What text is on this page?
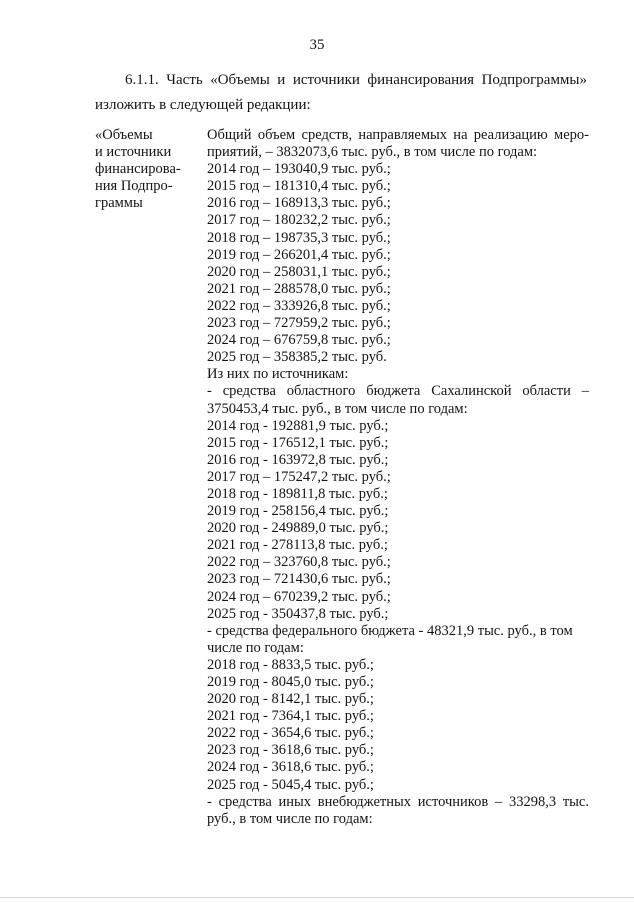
35
6.1.1. Часть «Объемы и источники финансирования Подпрограммы»
изложить в следующей редакции:
«Объемы
и источники
финансирова-
ния Подпро-
граммы
Общий объем средств, направляемых на реализацию меро-
приятий, – 3832073,6 тыс. руб., в том числе по годам:
2014 год – 193040,9 тыс. руб.;
2015 год – 181310,4 тыс. руб.;
2016 год – 168913,3 тыс. руб.;
2017 год – 180232,2 тыс. руб.;
2018 год – 198735,3 тыс. руб.;
2019 год – 266201,4 тыс. руб.;
2020 год – 258031,1 тыс. руб.;
2021 год – 288578,0 тыс. руб.;
2022 год – 333926,8 тыс. руб.;
2023 год – 727959,2 тыс. руб.;
2024 год – 676759,8 тыс. руб.;
2025 год – 358385,2 тыс. руб.
Из них по источникам:
- средства областного бюджета Сахалинской области –
3750453,4 тыс. руб., в том числе по годам:
2014 год - 192881,9 тыс. руб.;
2015 год - 176512,1 тыс. руб.;
2016 год - 163972,8 тыс. руб.;
2017 год – 175247,2 тыс. руб.;
2018 год - 189811,8 тыс. руб.;
2019 год - 258156,4 тыс. руб.;
2020 год - 249889,0 тыс. руб.;
2021 год - 278113,8 тыс. руб.;
2022 год – 323760,8 тыс. руб.;
2023 год – 721430,6 тыс. руб.;
2024 год – 670239,2 тыс. руб.;
2025 год - 350437,8 тыс. руб.;
- средства федерального бюджета - 48321,9 тыс. руб., в том
числе по годам:
2018 год - 8833,5 тыс. руб.;
2019 год - 8045,0 тыс. руб.;
2020 год - 8142,1 тыс. руб.;
2021 год - 7364,1 тыс. руб.;
2022 год - 3654,6 тыс. руб.;
2023 год - 3618,6 тыс. руб.;
2024 год - 3618,6 тыс. руб.;
2025 год - 5045,4 тыс. руб.;
- средства иных внебюджетных источников – 33298,3 тыс.
руб., в том числе по годам:
